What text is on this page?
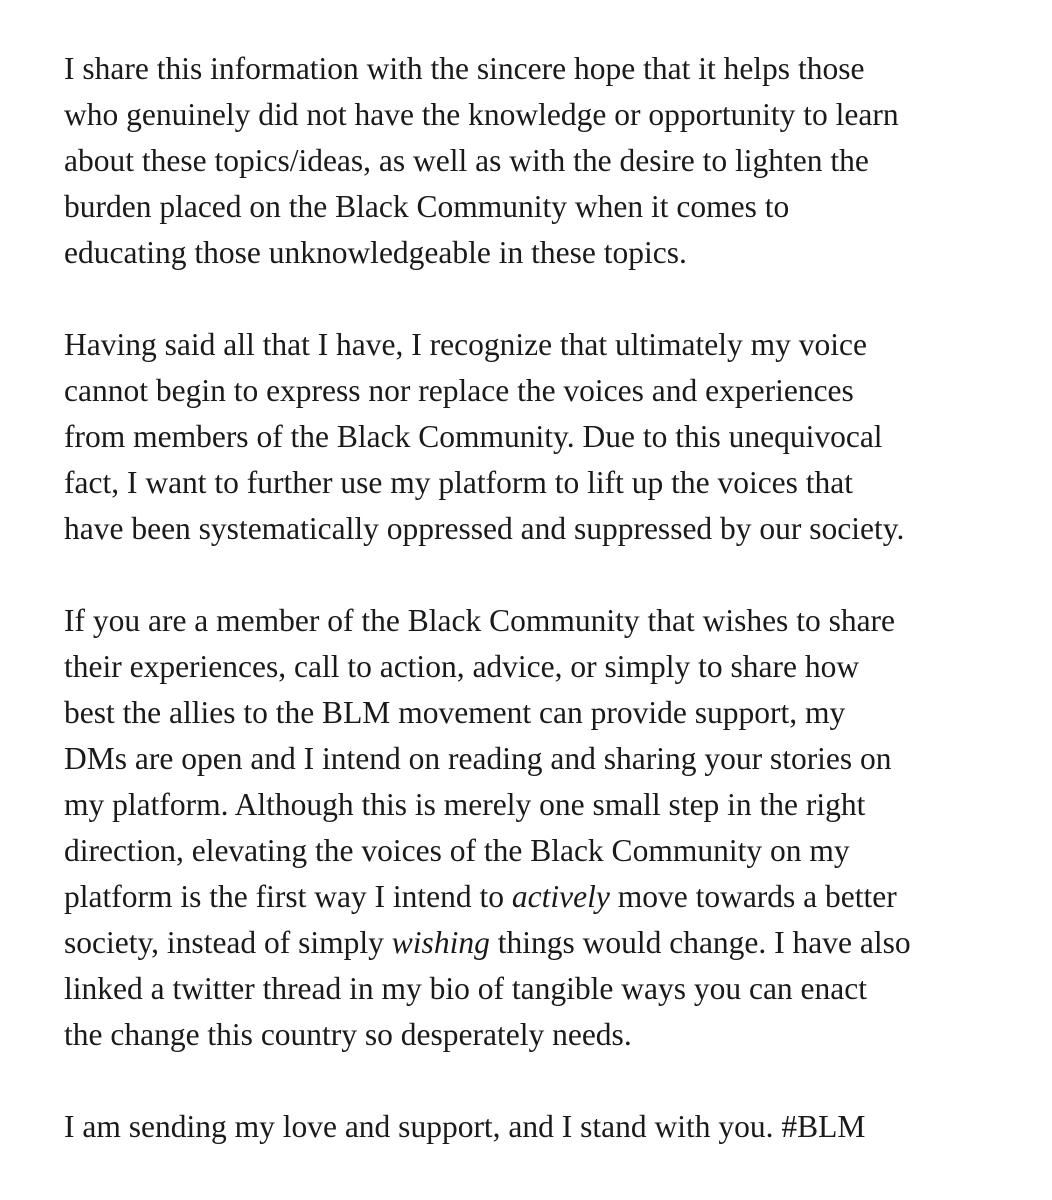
I share this information with the sincere hope that it helps those
who genuinely did not have the knowledge or opportunity to learn
about these topics/ideas, as well as with the desire to lighten the
burden placed on the Black Community when it comes to
educating those unknowledgeable in these topics.

Having said all that I have, I recognize that ultimately my voice
cannot begin to express nor replace the voices and experiences
from members of the Black Community. Due to this unequivocal
fact, I want to further use my platform to lift up the voices that
have been systematically oppressed and suppressed by our society.

If you are a member of the Black Community that wishes to share
their experiences, call to action, advice, or simply to share how
best the allies to the BLM movement can provide support, my
DMs are open and I intend on reading and sharing your stories on
my platform. Although this is merely one small step in the right
direction, elevating the voices of the Black Community on my
platform is the first way I intend to actively move towards a better
society, instead of simply wishing things would change. I have also
linked a twitter thread in my bio of tangible ways you can enact
the change this country so desperately needs.

I am sending my love and support, and I stand with you. #BLM
